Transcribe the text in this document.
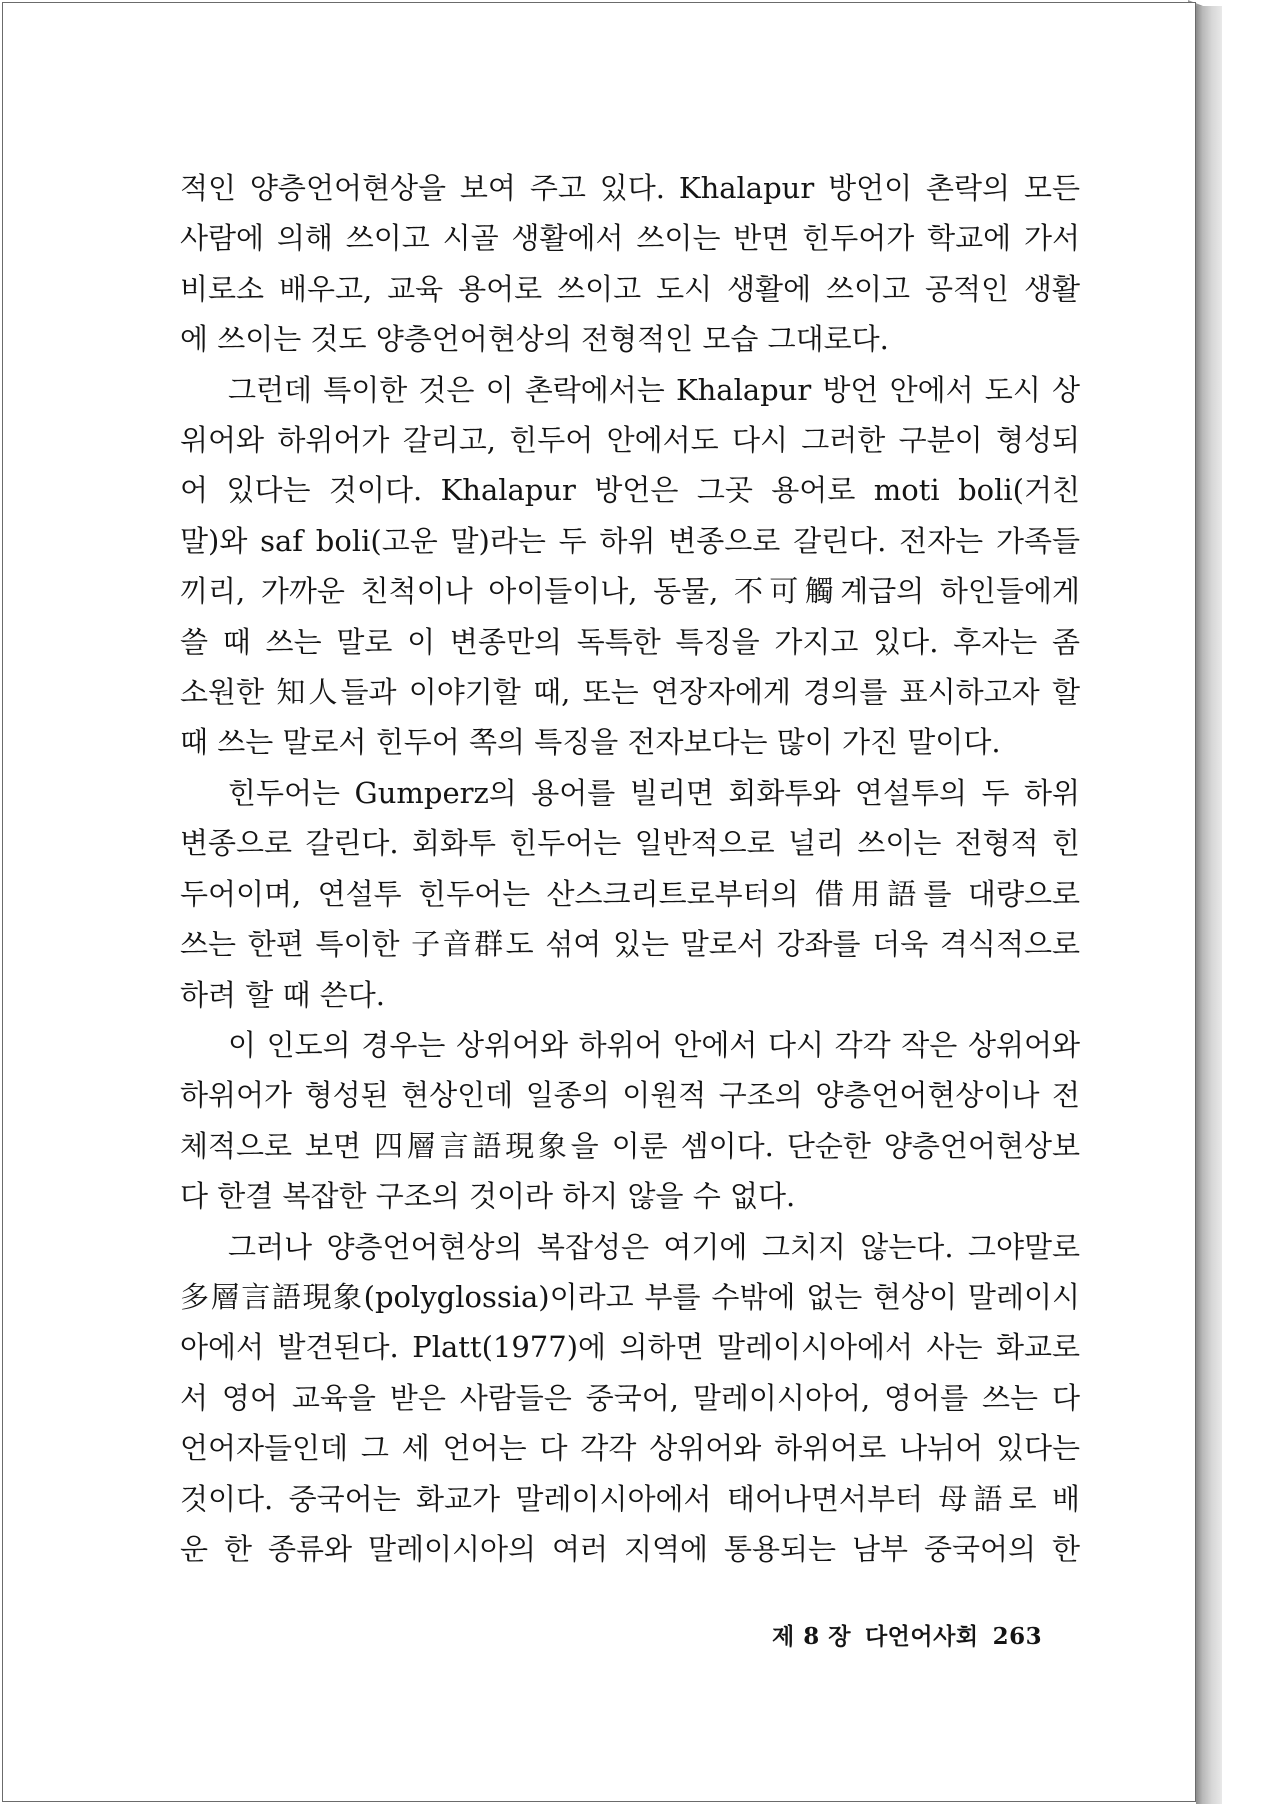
적인 양층언어현상을 보여 주고 있다. Khalapur 방언이 촌락의 모든
사람에 의해 쓰이고 시골 생활에서 쓰이는 반면 힌두어가 학교에 가서
비로소 배우고, 교육 용어로 쓰이고 도시 생활에 쓰이고 공적인 생활
에 쓰이는 것도 양층언어현상의 전형적인 모습 그대로다.
그런데 특이한 것은 이 촌락에서는 Khalapur 방언 안에서 도시 상
위어와 하위어가 갈리고, 힌두어 안에서도 다시 그러한 구분이 형성되
어 있다는 것이다. Khalapur 방언은 그곳 용어로 moti boli(거친
말)와 saf boli(고운 말)라는 두 하위 변종으로 갈린다. 전자는 가족들
끼리, 가까운 친척이나 아이들이나, 동물, 不可觸계급의 하인들에게
쓸 때 쓰는 말로 이 변종만의 독특한 특징을 가지고 있다. 후자는 좀
소원한 知人들과 이야기할 때, 또는 연장자에게 경의를 표시하고자 할
때 쓰는 말로서 힌두어 쪽의 특징을 전자보다는 많이 가진 말이다.
힌두어는 Gumperz의 용어를 빌리면 회화투와 연설투의 두 하위
변종으로 갈린다. 회화투 힌두어는 일반적으로 널리 쓰이는 전형적 힌
두어이며, 연설투 힌두어는 산스크리트로부터의 借用語를 대량으로
쓰는 한편 특이한 子音群도 섞여 있는 말로서 강좌를 더욱 격식적으로
하려 할 때 쓴다.
이 인도의 경우는 상위어와 하위어 안에서 다시 각각 작은 상위어와
하위어가 형성된 현상인데 일종의 이원적 구조의 양층언어현상이나 전
체적으로 보면 四層言語現象을 이룬 셈이다. 단순한 양층언어현상보
다 한결 복잡한 구조의 것이라 하지 않을 수 없다.
그러나 양층언어현상의 복잡성은 여기에 그치지 않는다. 그야말로
多層言語現象(polyglossia)이라고 부를 수밖에 없는 현상이 말레이시
아에서 발견된다. Platt(1977)에 의하면 말레이시아에서 사는 화교로
서 영어 교육을 받은 사람들은 중국어, 말레이시아어, 영어를 쓰는 다
언어자들인데 그 세 언어는 다 각각 상위어와 하위어로 나뉘어 있다는
것이다. 중국어는 화교가 말레이시아에서 태어나면서부터 母語로 배
운 한 종류와 말레이시아의 여러 지역에 통용되는 남부 중국어의 한
제 8 장 다언어사회 263
